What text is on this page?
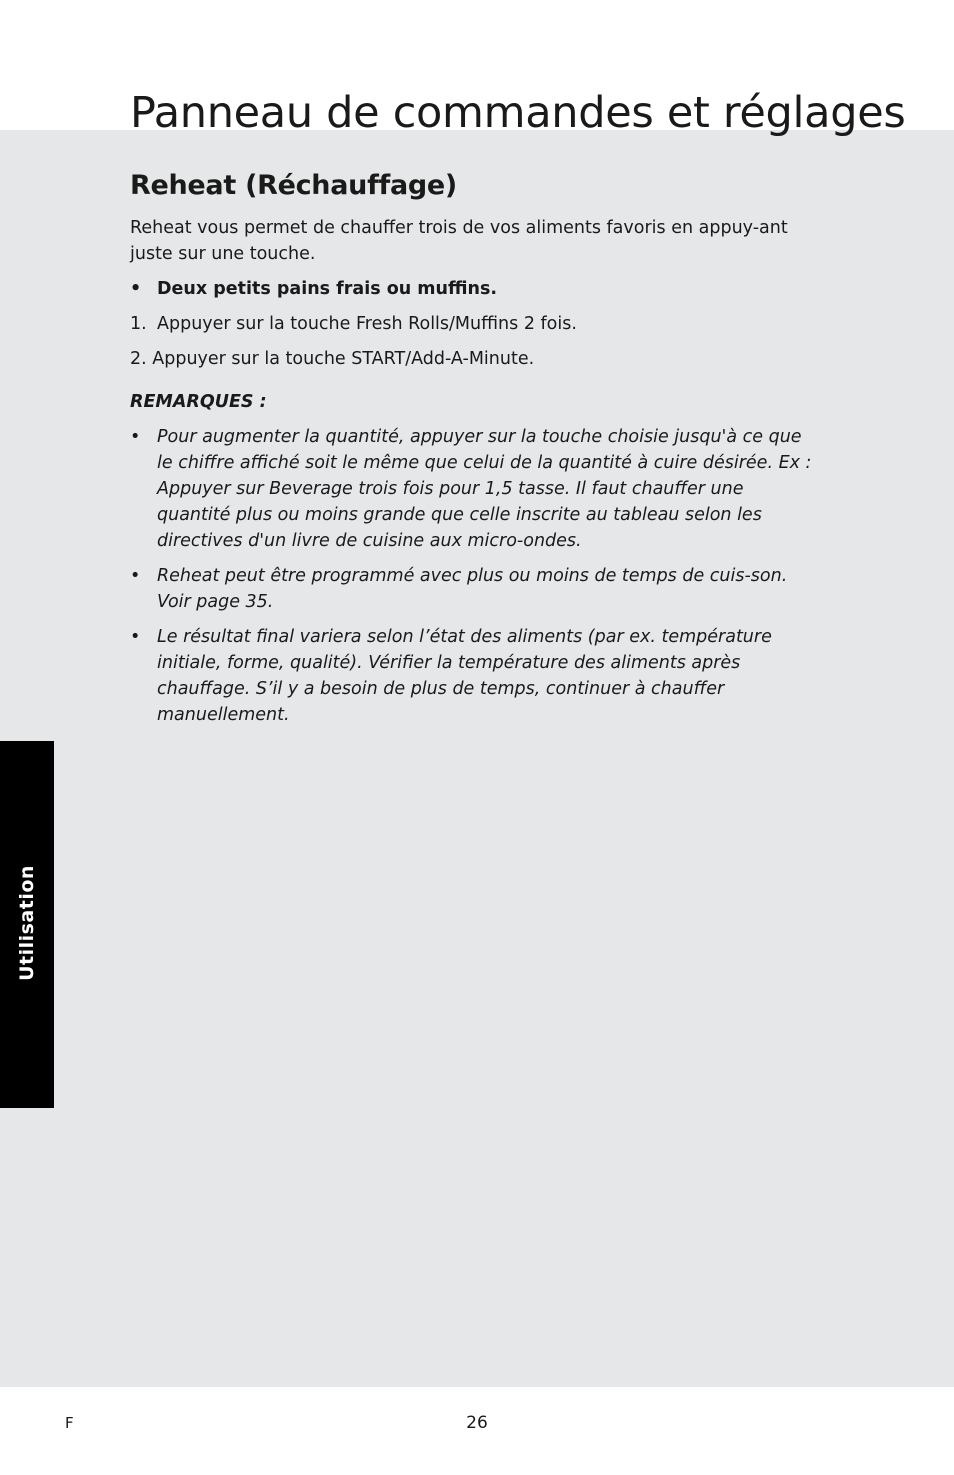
Panneau de commandes et réglages
Reheat (Réchauffage)

Reheat vous permet de chauffer trois de vos aliments favoris en appuy-ant juste sur une touche.

• Deux petits pains frais ou muffins.

1. Appuyer sur la touche Fresh Rolls/Muffins 2 fois.

2. Appuyer sur la touche START/Add-A-Minute.

REMARQUES :

• Pour augmenter la quantité, appuyer sur la touche choisie jusqu'à ce que le chiffre affiché soit le même que celui de la quantité à cuire désirée. Ex : Appuyer sur Beverage trois fois pour 1,5 tasse. Il faut chauffer une quantité plus ou moins grande que celle inscrite au tableau selon les directives d'un livre de cuisine aux micro-ondes.

• Reheat peut être programmé avec plus ou moins de temps de cuis-son. Voir page 35.

• Le résultat final variera selon l’état des aliments (par ex. température initiale, forme, qualité). Vérifier la température des aliments après chauffage. S’il y a besoin de plus de temps, continuer à chauffer manuellement.

Utilisation
F	26
